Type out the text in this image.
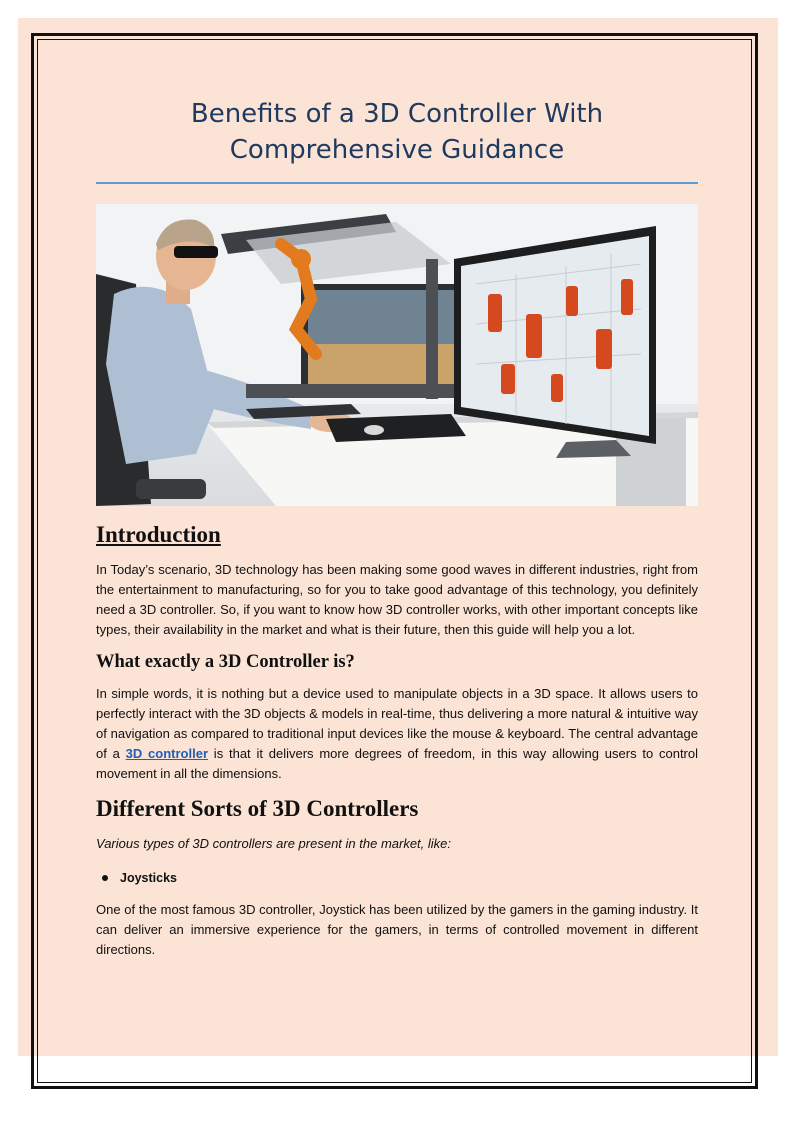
Benefits of a 3D Controller With
Comprehensive Guidance
Introduction

In Today’s scenario, 3D technology has been making some good waves in different industries, right from the entertainment to manufacturing, so for you to take good advantage of this technology, you definitely need a 3D controller. So, if you want to know how 3D controller works, with other important concepts like types, their availability in the market and what is their future, then this guide will help you a lot.

What exactly a 3D Controller is?

In simple words, it is nothing but a device used to manipulate objects in a 3D space. It allows users to perfectly interact with the 3D objects & models in real-time, thus delivering a more natural & intuitive way of navigation as compared to traditional input devices like the mouse & keyboard. The central advantage of a 3D controller is that it delivers more degrees of freedom, in this way allowing users to control movement in all the dimensions.

Different Sorts of 3D Controllers

Various types of 3D controllers are present in the market, like:

Joysticks

One of the most famous 3D controller, Joystick has been utilized by the gamers in the gaming industry. It can deliver an immersive experience for the gamers, in terms of controlled movement in different directions.
